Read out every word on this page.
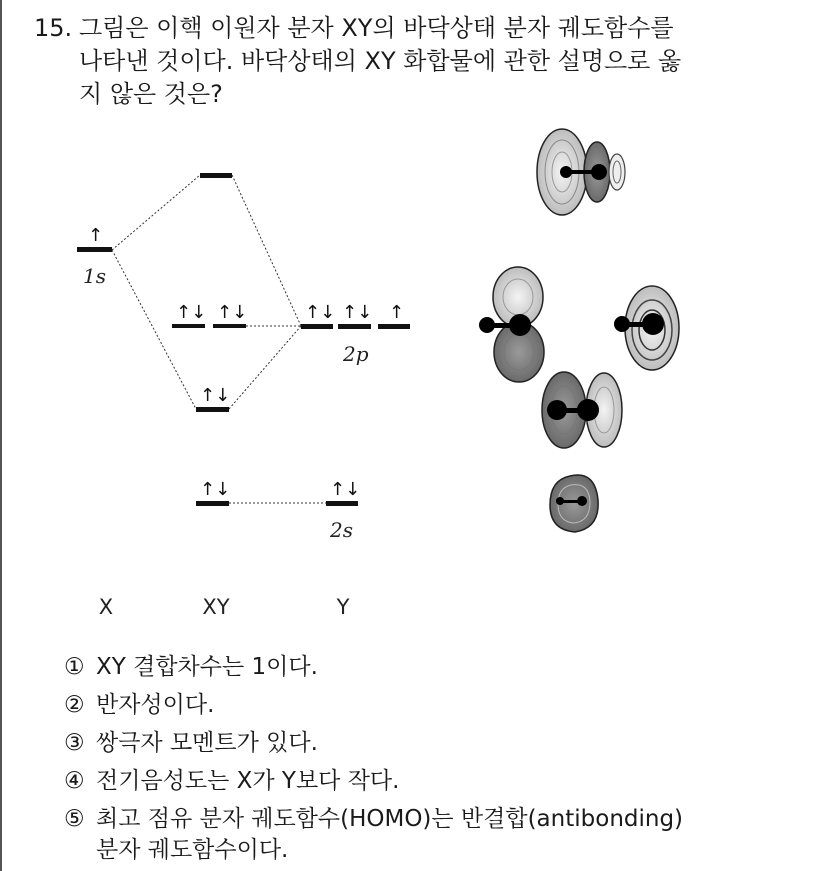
15. 그림은 이핵 이원자 분자 XY의 바닥상태 분자 궤도함수를
나타낸 것이다. 바닥상태의 XY 화합물에 관한 설명으로 옳
지 않은 것은?
↑
↑↓ ↑↓	↑↓ ↑↓ ↑
↑↓
↑↓	↑↓
1s
2p
2s
X	XY	Y
① XY 결합차수는 1이다.
② 반자성이다.
③ 쌍극자 모멘트가 있다.
④ 전기음성도는 X가 Y보다 작다.
⑤ 최고 점유 분자 궤도함수(HOMO)는 반결합(antibonding)
분자 궤도함수이다.
